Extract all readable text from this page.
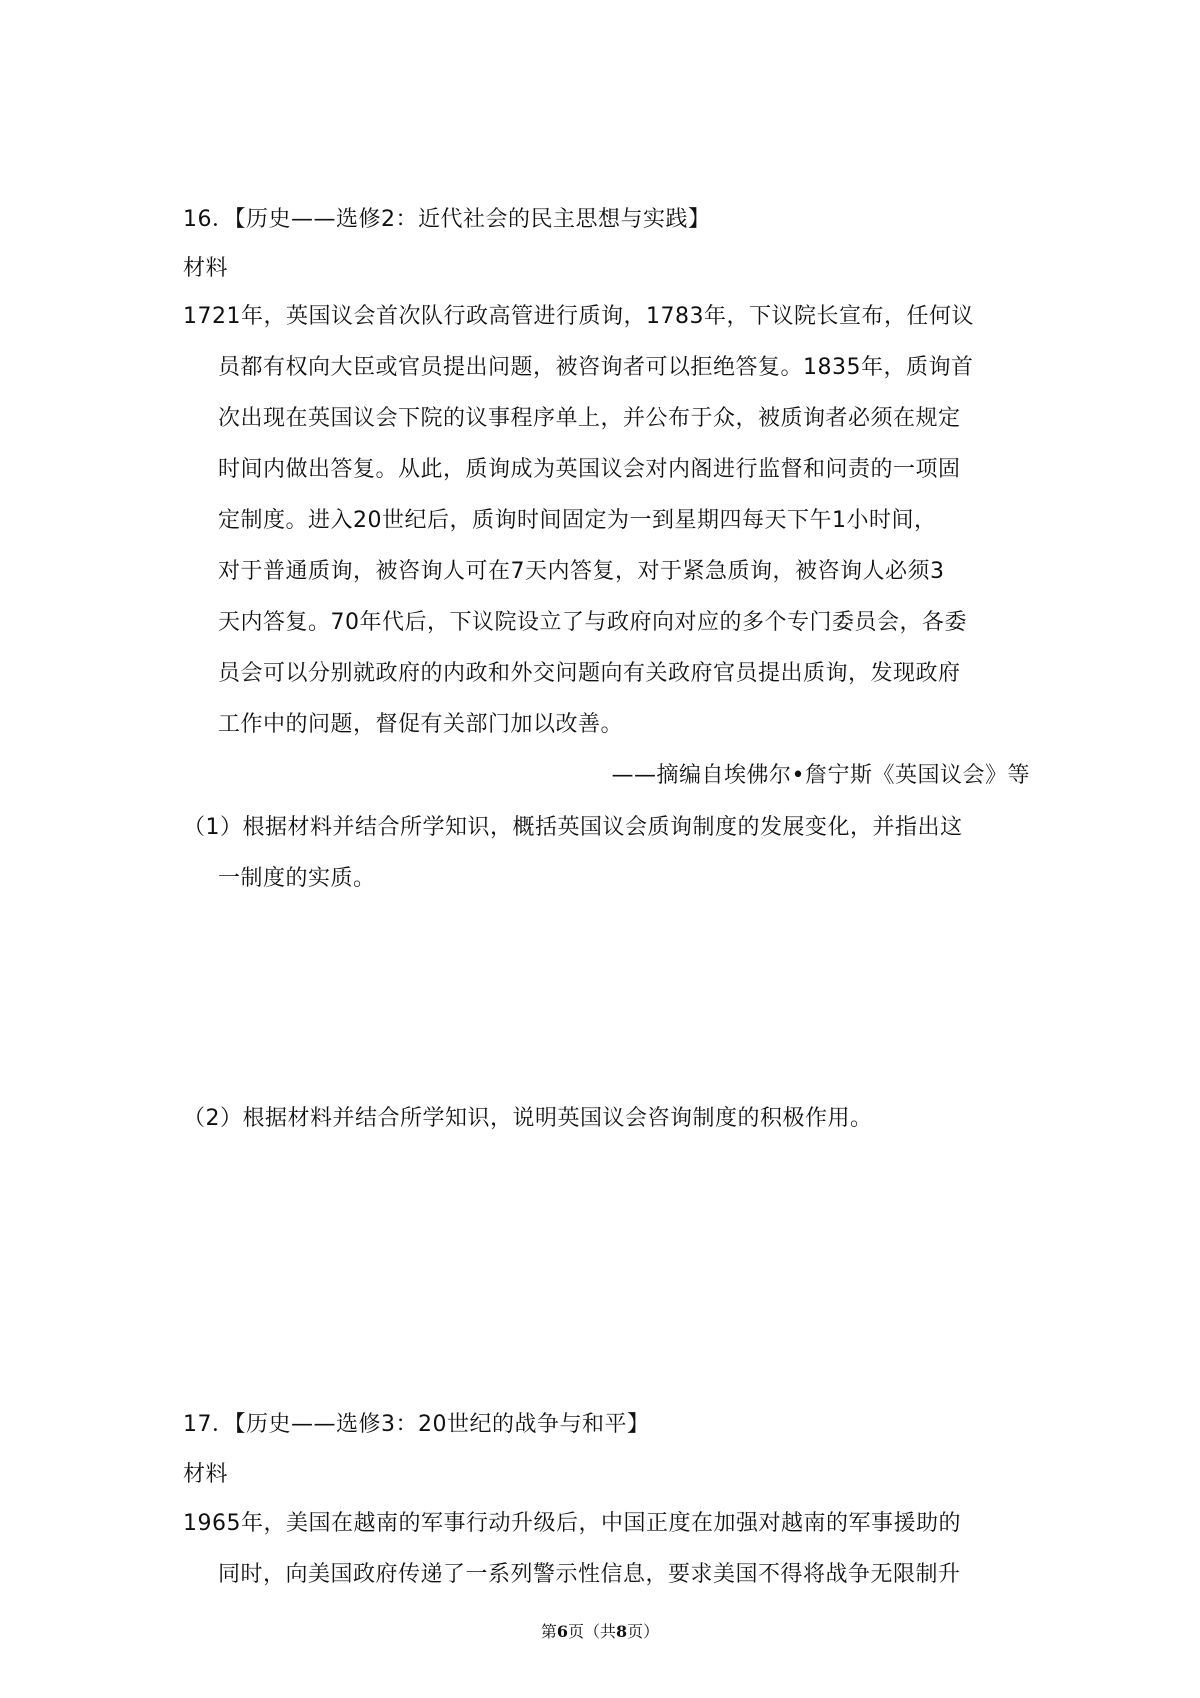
16．【历史——选修2：近代社会的民主思想与实践】
材料
1721年，英国议会首次队行政高管进行质询，1783年，下议院长宣布，任何议
员都有权向大臣或官员提出问题，被咨询者可以拒绝答复。1835年，质询首
次出现在英国议会下院的议事程序单上，并公布于众，被质询者必须在规定
时间内做出答复。从此，质询成为英国议会对内阁进行监督和问责的一项固
定制度。进入20世纪后，质询时间固定为一到星期四每天下午1小时间，
对于普通质询，被咨询人可在7天内答复，对于紧急质询，被咨询人必须3
天内答复。70年代后，下议院设立了与政府向对应的多个专门委员会，各委
员会可以分别就政府的内政和外交问题向有关政府官员提出质询，发现政府
工作中的问题，督促有关部门加以改善。
——摘编自埃佛尔•詹宁斯《英国议会》等
（1）根据材料并结合所学知识，概括英国议会质询制度的发展变化，并指出这
一制度的实质。
（2）根据材料并结合所学知识，说明英国议会咨询制度的积极作用。
17．【历史——选修3：20世纪的战争与和平】
材料
1965年，美国在越南的军事行动升级后，中国正度在加强对越南的军事援助的
同时，向美国政府传递了一系列警示性信息，要求美国不得将战争无限制升
第6页（共8页）
